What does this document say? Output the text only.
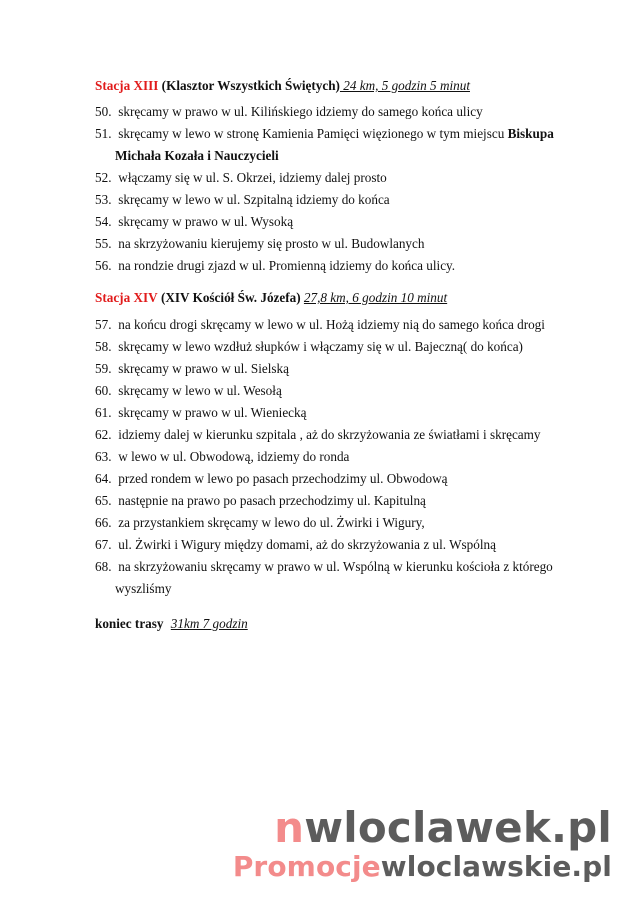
Stacja XIII (Klasztor Wszystkich Świętych) 24 km, 5 godzin 5 minut
50. skręcamy w prawo w ul. Kilińskiego idziemy do samego końca ulicy
51. skręcamy w lewo w stronę Kamienia Pamięci więzionego w tym miejscu Biskupa
Michała Kozała i Nauczycieli
52. włączamy się w ul. S. Okrzei, idziemy dalej prosto
53. skręcamy w lewo w ul. Szpitalną idziemy do końca
54. skręcamy w prawo w ul. Wysoką
55. na skrzyżowaniu kierujemy się prosto w ul. Budowlanych
56. na rondzie drugi zjazd w ul. Promienną idziemy do końca ulicy.
Stacja XIV (XIV Kościół Św. Józefa) 27,8 km, 6 godzin 10 minut
57. na końcu drogi skręcamy w lewo w ul. Hożą idziemy nią do samego końca drogi
58. skręcamy w lewo wzdłuż słupków i włączamy się w ul. Bajeczną( do końca)
59. skręcamy w prawo w ul. Sielską
60. skręcamy w lewo w ul. Wesołą
61. skręcamy w prawo w ul. Wieniecką
62. idziemy dalej w kierunku szpitala , aż do skrzyżowania ze światłami i skręcamy
63. w lewo w ul. Obwodową, idziemy do ronda
64. przed rondem w lewo po pasach przechodzimy ul. Obwodową
65. następnie na prawo po pasach przechodzimy ul. Kapitulną
66. za przystankiem skręcamy w lewo do ul. Żwirki i Wigury,
67. ul. Żwirki i Wigury między domami, aż do skrzyżowania z ul. Wspólną
68. na skrzyżowaniu skręcamy w prawo w ul. Wspólną w kierunku kościoła z którego
wyszliśmy
koniec trasy 31km 7 godzin
nwloclawek.pl
Promocjewloclawskie.pl
